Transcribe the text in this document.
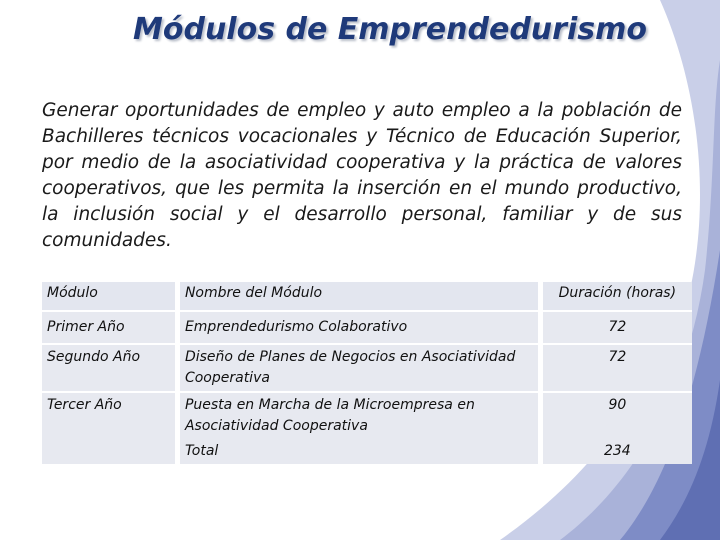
Módulos de Emprendedurismo

Generar oportunidades de empleo y auto empleo a la población de Bachilleres técnicos vocacionales y Técnico de Educación Superior, por medio de la asociatividad cooperativa y la práctica de valores cooperativos, que les permita la inserción en el mundo productivo, la inclusión social y el desarrollo personal, familiar y de sus comunidades.

Módulo	Nombre del Módulo	Duración (horas)
Primer Año	Emprendedurismo Colaborativo	72
Segundo Año	Diseño de Planes de Negocios en Asociatividad Cooperativa	72
Tercer Año	Puesta en Marcha de la Microempresa en Asociatividad Cooperativa	90
	Total	234
